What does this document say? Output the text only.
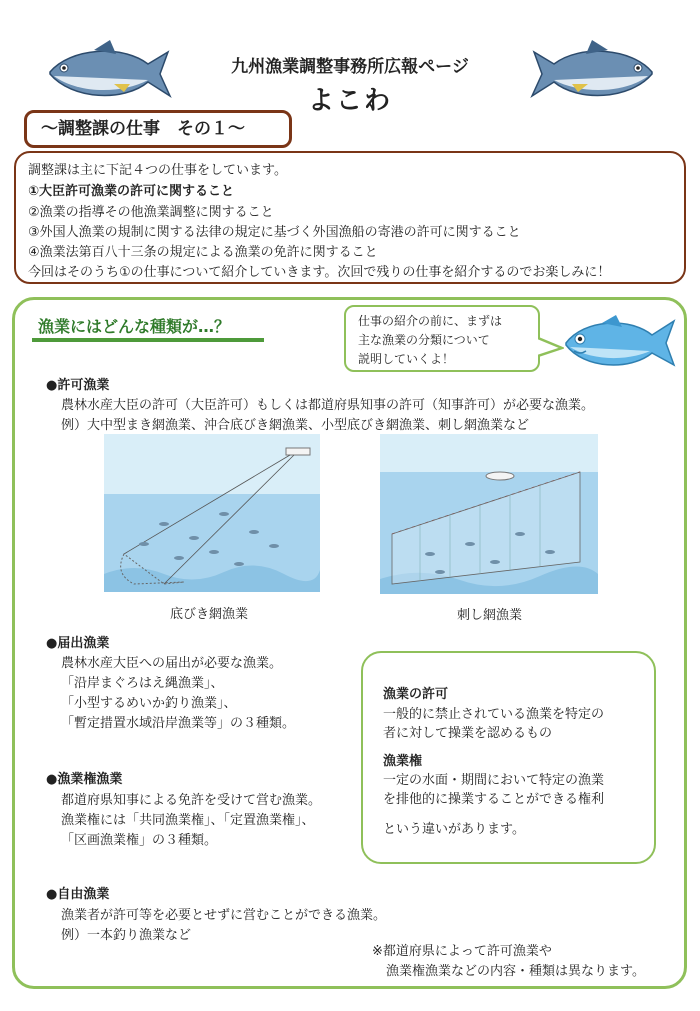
九州漁業調整事務所広報ページ
よこわ
～調整課の仕事　その１～
調整課は主に下記４つの仕事をしています。
①大臣許可漁業の許可に関すること
②漁業の指導その他漁業調整に関すること
③外国人漁業の規制に関する法律の規定に基づく外国漁船の寄港の許可に関すること
④漁業法第百八十三条の規定による漁業の免許に関すること
今回はそのうち①の仕事について紹介していきます。次回で残りの仕事を紹介するのでお楽しみに！
漁業にはどんな種類が…？	仕事の紹介の前に、まずは
主な漁業の分類について
説明していくよ！
●許可漁業
農林水産大臣の許可（大臣許可）もしくは都道府県知事の許可（知事許可）が必要な漁業。
例）大中型まき網漁業、沖合底びき網漁業、小型底びき網漁業、刺し網漁業など
底びき網漁業	刺し網漁業
●届出漁業
農林水産大臣への届出が必要な漁業。
「沿岸まぐろはえ縄漁業」、
「小型するめいか釣り漁業」、
「暫定措置水域沿岸漁業等」の３種類。
●漁業権漁業
都道府県知事による免許を受けて営む漁業。
漁業権には「共同漁業権」、「定置漁業権」、
「区画漁業権」の３種類。
漁業の許可
一般的に禁止されている漁業を特定の
者に対して操業を認めるもの
漁業権
一定の水面・期間において特定の漁業
を排他的に操業することができる権利
という違いがあります。
●自由漁業
漁業者が許可等を必要とせずに営むことができる漁業。
例）一本釣り漁業など
※都道府県によって許可漁業や
漁業権漁業などの内容・種類は異なります。
